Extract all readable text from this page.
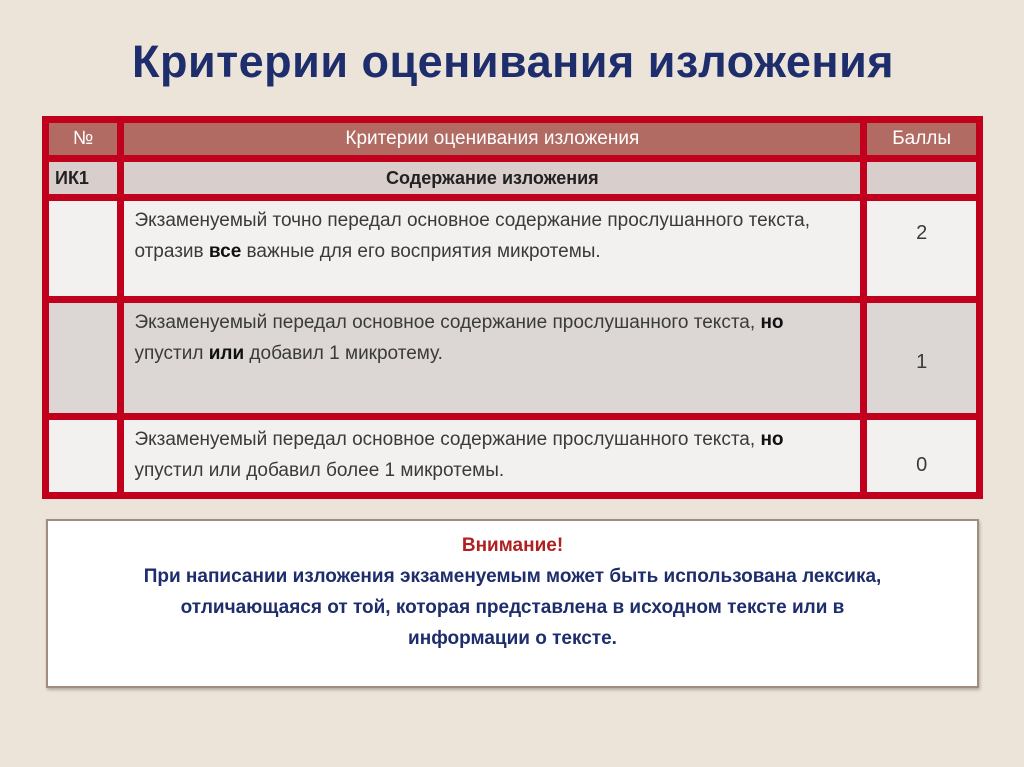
Критерии оценивания изложения
№	Критерии оценивания изложения	Баллы
ИК1	Содержание изложения	
	Экзаменуемый точно передал основное содержание прослушанного текста, отразив все важные для его восприятия микротемы.	2

	Экзаменуемый передал основное содержание прослушанного текста, но упустил или добавил 1 микротему.	1

	Экзаменуемый передал основное содержание прослушанного текста, но упустил или добавил более 1 микротемы.	0
Внимание!
При написании изложения экзаменуемым может быть использована лексика,
отличающаяся от той, которая представлена в исходном тексте или в
информации о тексте.
